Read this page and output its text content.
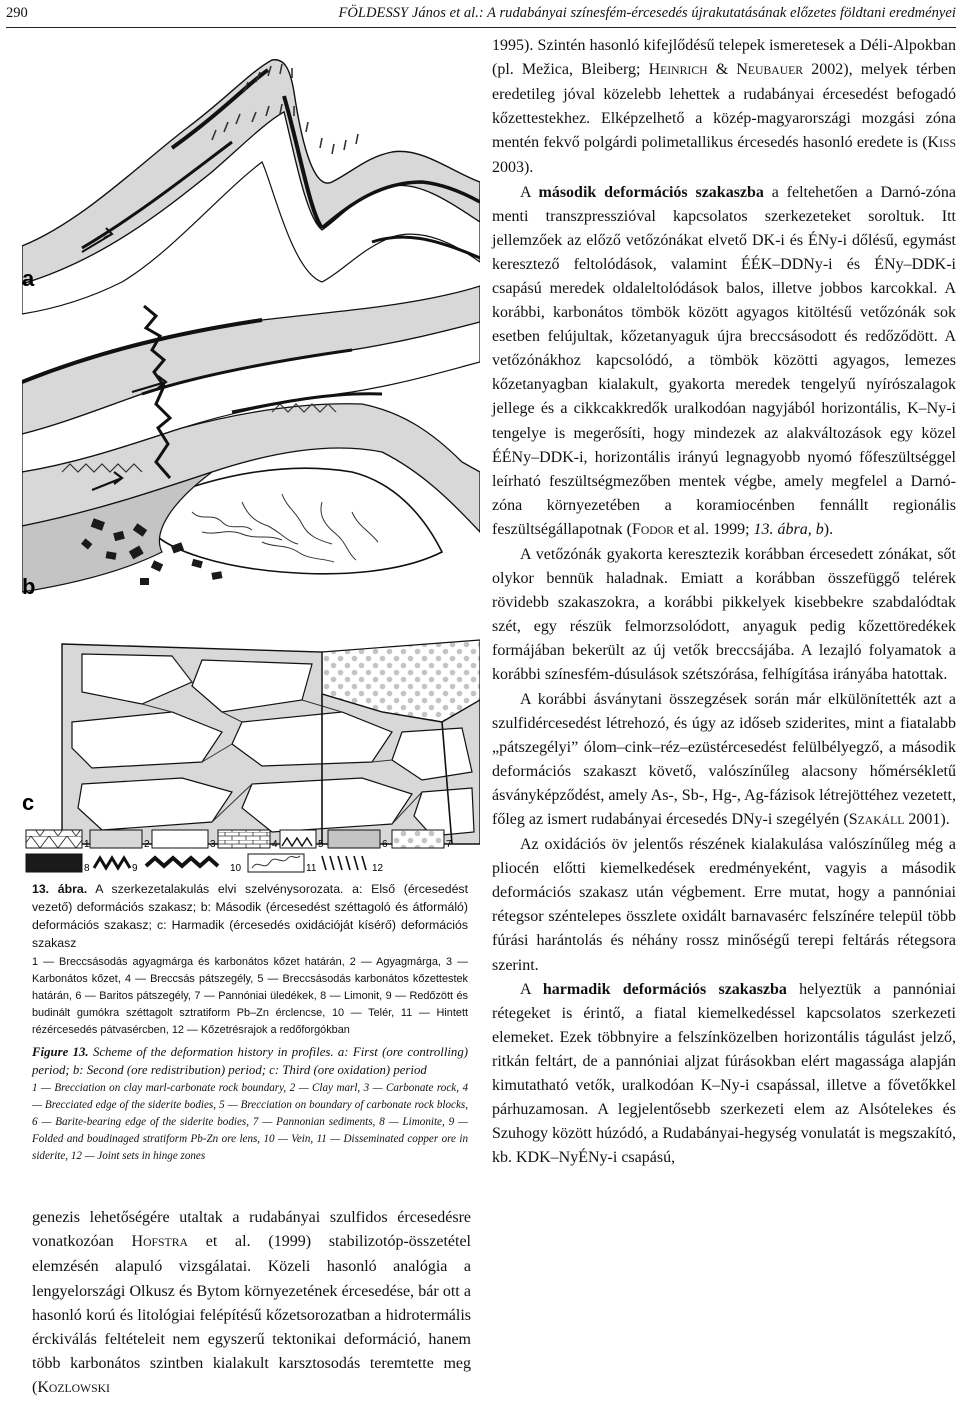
290	FÖLDESSY János et al.: A rudabányai színesfém-ércesedés újrakutatásának előzetes földtani eredményei
a
b
c
1	2	3	4	5	6	7
8	9	10	11	12
13. ábra. A szerkezetalakulás elvi szelvénysorozata. a: Első (ércesedést vezető) deformációs szakasz; b: Második (ércesedést széttagoló és átformáló) deformációs szakasz; c: Harmadik (ércesedés oxidációját kísérő) deformációs szakasz
1 — Breccsásodás agyagmárga és karbonátos kőzet határán, 2 — Agyagmárga, 3 — Karbonátos kőzet, 4 — Breccsás pátszegély, 5 — Breccsásodás karbonátos kőzettestek határán, 6 — Baritos pátszegély, 7 — Pannóniai üledékek, 8 — Limonit, 9 — Redőzött és budinált gumókra széttagolt sztratiform Pb–Zn érclencse, 10 — Telér, 11 — Hintett rézércesedés pátvasércben, 12 — Kőzetrésrajok a redőforgókban
Figure 13. Scheme of the deformation history in profiles. a: First (ore controlling) period; b: Second (ore redistribution) period; c: Third (ore oxidation) period
1 — Brecciation on clay marl-carbonate rock boundary, 2 — Clay marl, 3 — Carbonate rock, 4 — Brecciated edge of the siderite bodies, 5 — Brecciation on boundary of carbonate rock blocks, 6 — Barite-bearing edge of the siderite bodies, 7 — Pannonian sediments, 8 — Limonite, 9 — Folded and boudinaged stratiform Pb-Zn ore lens, 10 — Vein, 11 — Disseminated copper ore in siderite, 12 — Joint sets in hinge zones

genezis lehetőségére utaltak a rudabányai szulfidos ércesedésre vonatkozóan HOFSTRA et al. (1999) stabilizotóp-összetétel elemzésén alapuló vizsgálatai. Közeli hasonló analógia a lengyelországi Olkusz és Bytom környezetének ércesedése, bár ott a hasonló korú és litológiai felépítésű kőzetsorozatban a hidrotermális érckiválás feltételeit nem egyszerű tektonikai deformáció, hanem több karbonátos szintben kialakult karsztosodás teremtette meg (KOZLOWSKI

1995). Szintén hasonló kifejlődésű telepek ismeretesek a Déli-Alpokban (pl. Mežica, Bleiberg; HEINRICH & NEUBAUER 2002), melyek térben eredetileg jóval közelebb lehettek a rudabányai ércesedést befogadó kőzettestekhez. Elképzelhető a közép-magyarországi mozgási zóna mentén fekvő polgárdi polimetallikus ércesedés hasonló eredete is (KISS 2003).

A második deformációs szakaszba a feltehetően a Darnó-zóna menti transzpresszióval kapcsolatos szerkezeteket soroltuk. Itt jellemzőek az előző vetőzónákat elvető DK-i és ÉNy-i dőlésű, egymást keresztező feltolódások, valamint ÉÉK–DDNy-i és ÉNy–DDK-i csapású meredek oldaleltolódások balos, illetve jobbos karcokkal. A korábbi, karbonátos tömbök között agyagos kitöltésű vetőzónák sok esetben felújultak, kőzetanyaguk újra breccsásodott és redőződött. A vetőzónákhoz kapcsolódó, a tömbök közötti agyagos, lemezes kőzetanyagban kialakult, gyakorta meredek tengelyű nyírószalagok jellege és a cikkcakkredők uralkodóan nagyjából horizontális, K–Ny-i tengelye is megerősíti, hogy mindezek az alakváltozások egy közel ÉÉNy–DDK-i, horizontális irányú legnagyobb nyomó főfeszültséggel leírható feszültségmezőben mentek végbe, amely megfelel a Darnó-zóna környezetében a koramiocénben fennállt regionális feszültségállapotnak (FODOR et al. 1999; 13. ábra, b).

A vetőzónák gyakorta keresztezik korábban ércesedett zónákat, sőt olykor bennük haladnak. Emiatt a korábban összefüggő telérek rövidebb szakaszokra, a korábbi pikkelyek kisebbekre szabdalódtak szét, egy részük felmorzsolódott, anyaguk pedig kőzettöredékek formájában bekerült az új vetők breccsájába. A lezajló folyamatok a korábbi színesfém-dúsulások szétszórása, felhígítása irányába hatottak.

A korábbi ásványtani összegzések során már elkülönítették azt a szulfidércesedést létrehozó, és úgy az időseb sziderites, mint a fiatalabb „pátszegélyi” ólom–cink–réz–ezüstércesedést felülbélyegző, a második deformációs szakaszt követő, valószínűleg alacsony hőmérsékletű ásványképződést, amely As-, Sb-, Hg-, Ag-fázisok létrejöttéhez vezetett, főleg az ismert rudabányai ércesedés DNy-i szegélyén (SZAKÁLL 2001).

Az oxidációs öv jelentős részének kialakulása valószínűleg még a pliocén előtti kiemelkedések eredményeként, vagyis a második deformációs szakasz után végbement. Erre mutat, hogy a pannóniai rétegsor széntelepes összlete oxidált barnavasérc felszínére települ több fúrási harántolás és néhány rossz minőségű terepi feltárás rétegsora szerint.

A harmadik deformációs szakaszba helyeztük a pannóniai rétegeket is érintő, a fiatal kiemelkedéssel kapcsolatos szerkezeti elemeket. Ezek többnyire a felszínközelben horizontális tágulást jelző, ritkán feltárt, de a pannóniai aljzat fúrásokban elért magassága alapján kimutatható vetők, uralkodóan K–Ny-i csapással, illetve a fővetőkkel párhuzamosan. A legjelentősebb szerkezeti elem az Alsótelekes és Szuhogy között húzódó, a Rudabányai-hegység vonulatát is megszakító, kb. KDK–NyÉNy-i csapású,
